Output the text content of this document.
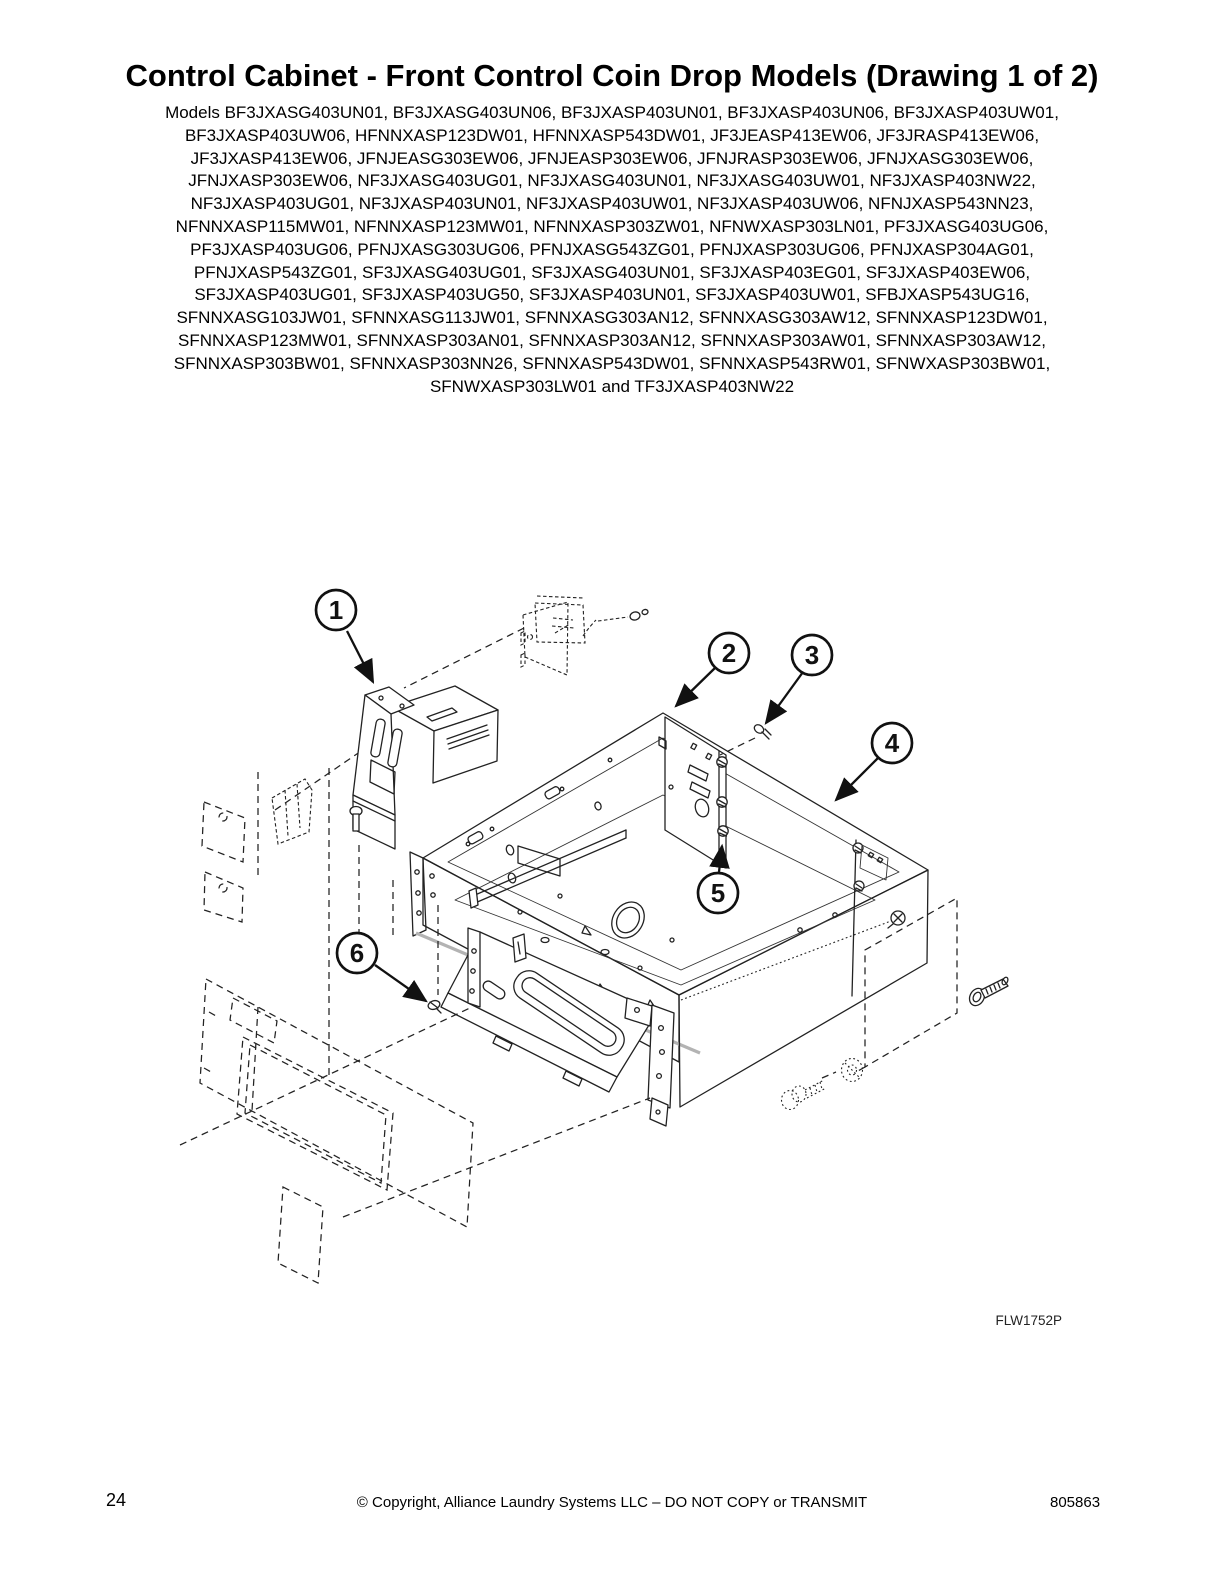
Control Cabinet - Front Control Coin Drop Models (Drawing 1 of 2)
Models BF3JXASG403UN01, BF3JXASG403UN06, BF3JXASP403UN01, BF3JXASP403UN06, BF3JXASP403UW01,
BF3JXASP403UW06, HFNNXASP123DW01, HFNNXASP543DW01, JF3JEASP413EW06, JF3JRASP413EW06,
JF3JXASP413EW06, JFNJEASG303EW06, JFNJEASP303EW06, JFNJRASP303EW06, JFNJXASG303EW06,
JFNJXASP303EW06, NF3JXASG403UG01, NF3JXASG403UN01, NF3JXASG403UW01, NF3JXASP403NW22,
NF3JXASP403UG01, NF3JXASP403UN01, NF3JXASP403UW01, NF3JXASP403UW06, NFNJXASP543NN23,
NFNNXASP115MW01, NFNNXASP123MW01, NFNNXASP303ZW01, NFNWXASP303LN01, PF3JXASG403UG06,
PF3JXASP403UG06, PFNJXASG303UG06, PFNJXASG543ZG01, PFNJXASP303UG06, PFNJXASP304AG01,
PFNJXASP543ZG01, SF3JXASG403UG01, SF3JXASG403UN01, SF3JXASP403EG01, SF3JXASP403EW06,
SF3JXASP403UG01, SF3JXASP403UG50, SF3JXASP403UN01, SF3JXASP403UW01, SFBJXASP543UG16,
SFNNXASG103JW01, SFNNXASG113JW01, SFNNXASG303AN12, SFNNXASG303AW12, SFNNXASP123DW01,
SFNNXASP123MW01, SFNNXASP303AN01, SFNNXASP303AN12, SFNNXASP303AW01, SFNNXASP303AW12,
SFNNXASP303BW01, SFNNXASP303NN26, SFNNXASP543DW01, SFNNXASP543RW01, SFNWXASP303BW01,
SFNWXASP303LW01 and TF3JXASP403NW22
1
2	3
4
5
6
FLW1752P
24	© Copyright, Alliance Laundry Systems LLC – DO NOT COPY or TRANSMIT	805863
